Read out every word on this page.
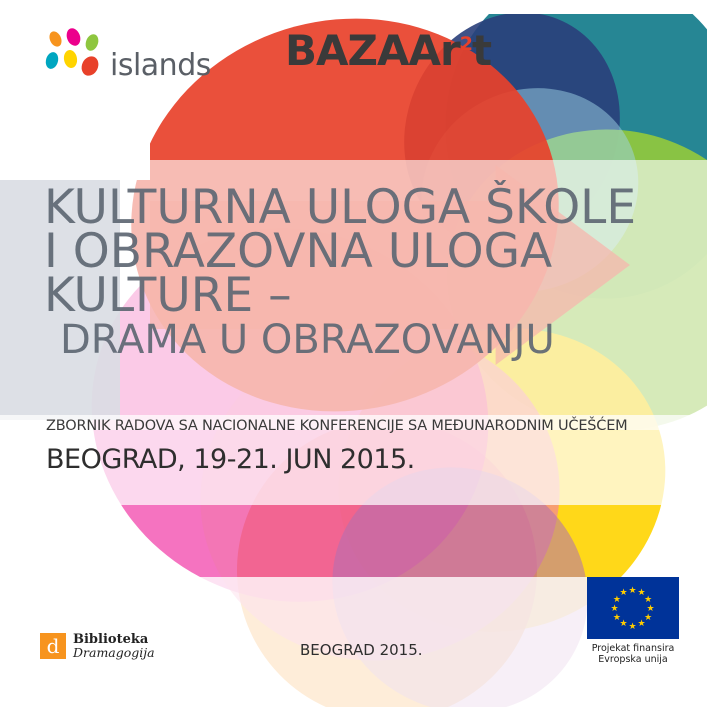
islands BAZAAr$^2$t
KULTURNA ULOGA ŠKOLE
I OBRAZOVNA ULOGA
KULTURE –
DRAMA U OBRAZOVANJU
ZBORNIK RADOVA SA NACIONALNE KONFERENCIJE SA MEĐUNARODNIM UČEŠĆEM
BEOGRAD, 19-21. JUN 2015.
d	Biblioteka
Dramagogija	BEOGRAD 2015.
★ ★
★
★
★
★
★
★
★
★
★
★
Projekat finansira
Evropska unija
